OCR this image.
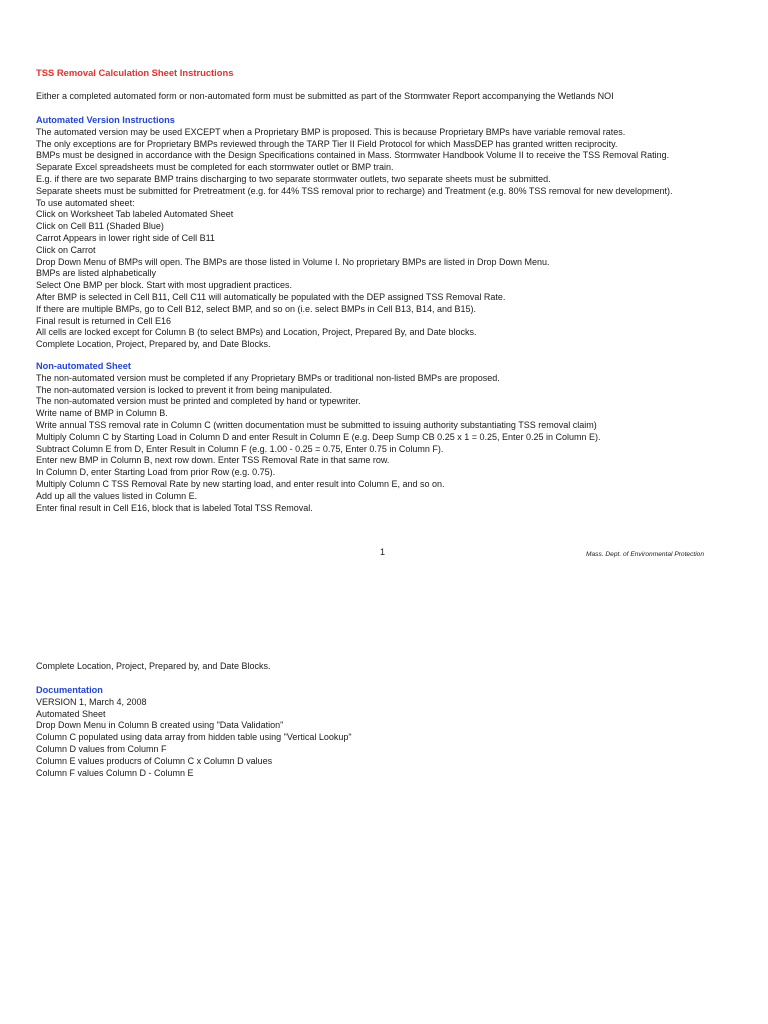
TSS Removal Calculation Sheet Instructions
Either a completed automated form or non-automated form must be submitted as part of the Stormwater Report accompanying the Wetlands NOI
Automated Version Instructions
The automated version may be used EXCEPT when a Proprietary BMP is proposed. This is because Proprietary BMPs have variable removal rates.
The only exceptions are for Proprietary BMPs reviewed through the TARP Tier II Field Protocol for which MassDEP has granted written reciprocity.
BMPs must be designed in accordance with the Design Specifications contained in Mass. Stormwater Handbook Volume II to receive the TSS Removal Rating.
Separate Excel spreadsheets must be completed for each stormwater outlet or BMP train.
E.g. if there are two separate BMP trains discharging to two separate stormwater outlets, two separate sheets must be submitted.
Separate sheets must be submitted for Pretreatment (e.g. for 44% TSS removal prior to recharge) and Treatment (e.g. 80% TSS removal for new development).
To use automated sheet:
Click on Worksheet Tab labeled Automated Sheet
Click on Cell B11 (Shaded Blue)
Carrot Appears in lower right side of Cell B11
Click on Carrot
Drop Down Menu of BMPs will open. The BMPs are those listed in Volume I. No proprietary BMPs are listed in Drop Down Menu.
BMPs are listed alphabetically
Select One BMP per block. Start with most upgradient practices.
After BMP is selected in Cell B11, Cell C11 will automatically be populated with the DEP assigned TSS Removal Rate.
If there are multiple BMPs, go to Cell B12, select BMP, and so on (i.e. select BMPs in Cell B13, B14, and B15).
Final result is returned in Cell E16
All cells are locked except for Column B (to select BMPs) and Location, Project, Prepared By, and Date blocks.
Complete Location, Project, Prepared by, and Date Blocks.
Non-automated Sheet
The non-automated version must be completed if any Proprietary BMPs or traditional non-listed BMPs are proposed.
The non-automated version is locked to prevent it from being manipulated.
The non-automated version must be printed and completed by hand or typewriter.
Write name of BMP in Column B.
Write annual TSS removal rate in Column C (written documentation must be submitted to issuing authority substantiating TSS removal claim)
Multiply Column C by Starting Load in Column D and enter Result in Column E (e.g. Deep Sump CB 0.25 x 1 = 0.25, Enter 0.25 in Column E).
Subtract Column E from D, Enter Result in Column F (e.g. 1.00 - 0.25 = 0.75, Enter 0.75 in Column F).
Enter new BMP in Column B, next row down. Enter TSS Removal Rate in that same row.
In Column D, enter Starting Load from prior Row (e.g. 0.75).
Multiply Column C TSS Removal Rate by new starting load, and enter result into Column E, and so on.
Add up all the values listed in Column E.
Enter final result in Cell E16, block that is labeled Total TSS Removal.
1	Mass. Dept. of Environmental Protection
Complete Location, Project, Prepared by, and Date Blocks.
Documentation
VERSION 1, March 4, 2008
Automated Sheet
Drop Down Menu in Column B created using "Data Validation"
Column C populated using data array from hidden table using "Vertical Lookup"
Column D values from Column F
Column E values producrs of Column C x Column D values
Column F values Column D - Column E
